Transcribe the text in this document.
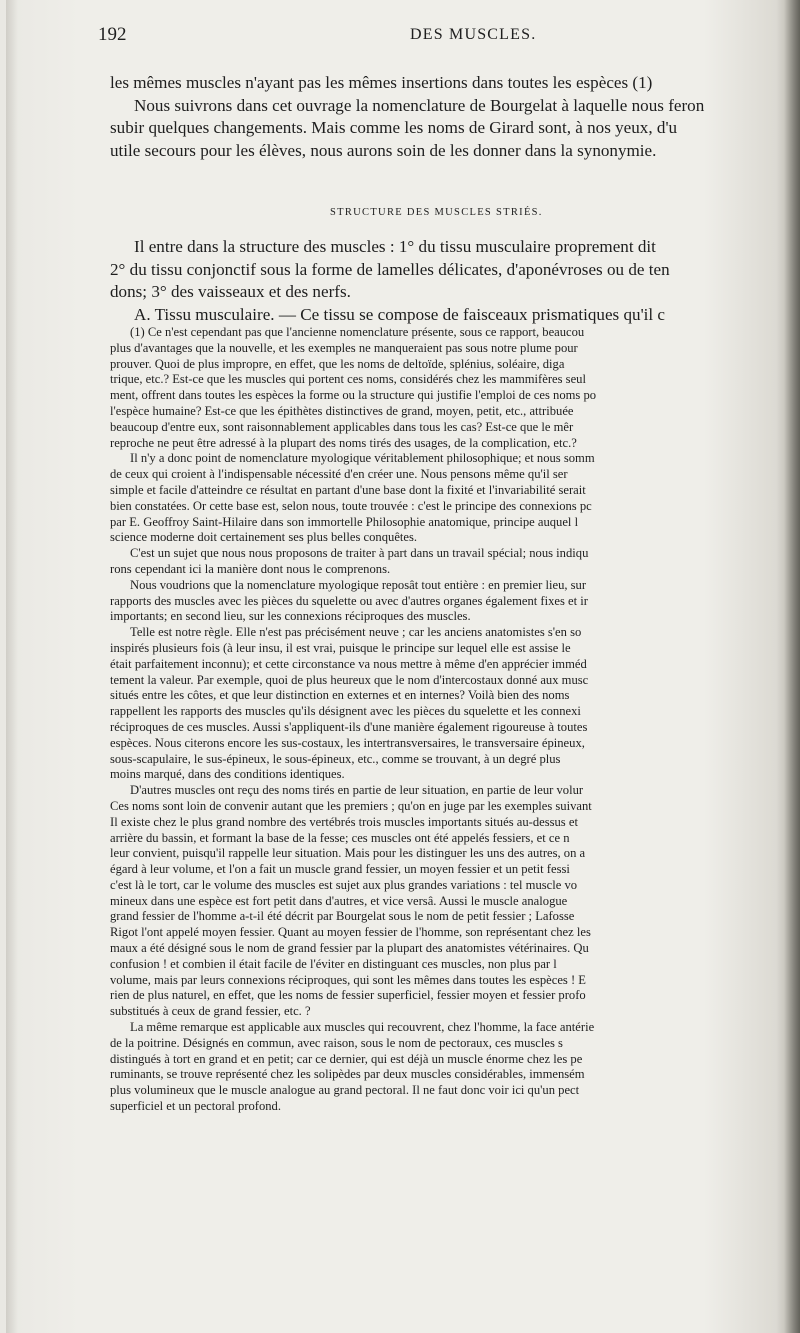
192	DES MUSCLES.

les mêmes muscles n'ayant pas les mêmes insertions dans toutes les espèces (1)

Nous suivrons dans cet ouvrage la nomenclature de Bourgelat à laquelle nous feron

subir quelques changements. Mais comme les noms de Girard sont, à nos yeux, d'u

utile secours pour les élèves, nous aurons soin de les donner dans la synonymie.

STRUCTURE DES MUSCLES STRIÉS.

Il entre dans la structure des muscles : 1° du tissu musculaire proprement dit

2° du tissu conjonctif sous la forme de lamelles délicates, d'aponévroses ou de ten

dons; 3° des vaisseaux et des nerfs.

A. Tissu musculaire. — Ce tissu se compose de faisceaux prismatiques qu'il c

(1) Ce n'est cependant pas que l'ancienne nomenclature présente, sous ce rapport, beaucou

plus d'avantages que la nouvelle, et les exemples ne manqueraient pas sous notre plume pour

prouver. Quoi de plus impropre, en effet, que les noms de deltoïde, splénius, soléaire, diga

trique, etc.? Est-ce que les muscles qui portent ces noms, considérés chez les mammifères seul

ment, offrent dans toutes les espèces la forme ou la structure qui justifie l'emploi de ces noms po

l'espèce humaine? Est-ce que les épithètes distinctives de grand, moyen, petit, etc., attribuée

beaucoup d'entre eux, sont raisonnablement applicables dans tous les cas? Est-ce que le mêr

reproche ne peut être adressé à la plupart des noms tirés des usages, de la complication, etc.?

Il n'y a donc point de nomenclature myologique véritablement philosophique; et nous somm

de ceux qui croient à l'indispensable nécessité d'en créer une. Nous pensons même qu'il ser

simple et facile d'atteindre ce résultat en partant d'une base dont la fixité et l'invariabilité serait

bien constatées. Or cette base est, selon nous, toute trouvée : c'est le principe des connexions pc

par E. Geoffroy Saint-Hilaire dans son immortelle Philosophie anatomique, principe auquel l

science moderne doit certainement ses plus belles conquêtes.

C'est un sujet que nous nous proposons de traiter à part dans un travail spécial; nous indiqu

rons cependant ici la manière dont nous le comprenons.

Nous voudrions que la nomenclature myologique reposât tout entière : en premier lieu, sur

rapports des muscles avec les pièces du squelette ou avec d'autres organes également fixes et ir

importants; en second lieu, sur les connexions réciproques des muscles.

Telle est notre règle. Elle n'est pas précisément neuve ; car les anciens anatomistes s'en so

inspirés plusieurs fois (à leur insu, il est vrai, puisque le principe sur lequel elle est assise le

était parfaitement inconnu); et cette circonstance va nous mettre à même d'en apprécier imméd

tement la valeur. Par exemple, quoi de plus heureux que le nom d'intercostaux donné aux musc

situés entre les côtes, et que leur distinction en externes et en internes? Voilà bien des noms

rappellent les rapports des muscles qu'ils désignent avec les pièces du squelette et les connexi

réciproques de ces muscles. Aussi s'appliquent-ils d'une manière également rigoureuse à toutes

espèces. Nous citerons encore les sus-costaux, les intertransversaires, le transversaire épineux,

sous-scapulaire, le sus-épineux, le sous-épineux, etc., comme se trouvant, à un degré plus

moins marqué, dans des conditions identiques.

D'autres muscles ont reçu des noms tirés en partie de leur situation, en partie de leur volur

Ces noms sont loin de convenir autant que les premiers ; qu'on en juge par les exemples suivant

Il existe chez le plus grand nombre des vertébrés trois muscles importants situés au-dessus et

arrière du bassin, et formant la base de la fesse; ces muscles ont été appelés fessiers, et ce n

leur convient, puisqu'il rappelle leur situation. Mais pour les distinguer les uns des autres, on a

égard à leur volume, et l'on a fait un muscle grand fessier, un moyen fessier et un petit fessi

c'est là le tort, car le volume des muscles est sujet aux plus grandes variations : tel muscle vo

mineux dans une espèce est fort petit dans d'autres, et vice versâ. Aussi le muscle analogue

grand fessier de l'homme a-t-il été décrit par Bourgelat sous le nom de petit fessier ; Lafosse

Rigot l'ont appelé moyen fessier. Quant au moyen fessier de l'homme, son représentant chez les

maux a été désigné sous le nom de grand fessier par la plupart des anatomistes vétérinaires. Qu

confusion ! et combien il était facile de l'éviter en distinguant ces muscles, non plus par l

volume, mais par leurs connexions réciproques, qui sont les mêmes dans toutes les espèces ! E

rien de plus naturel, en effet, que les noms de fessier superficiel, fessier moyen et fessier profo

substitués à ceux de grand fessier, etc. ?

La même remarque est applicable aux muscles qui recouvrent, chez l'homme, la face antérie

de la poitrine. Désignés en commun, avec raison, sous le nom de pectoraux, ces muscles s

distingués à tort en grand et en petit; car ce dernier, qui est déjà un muscle énorme chez les pe

ruminants, se trouve représenté chez les solipèdes par deux muscles considérables, immensém

plus volumineux que le muscle analogue au grand pectoral. Il ne faut donc voir ici qu'un pect

superficiel et un pectoral profond.
